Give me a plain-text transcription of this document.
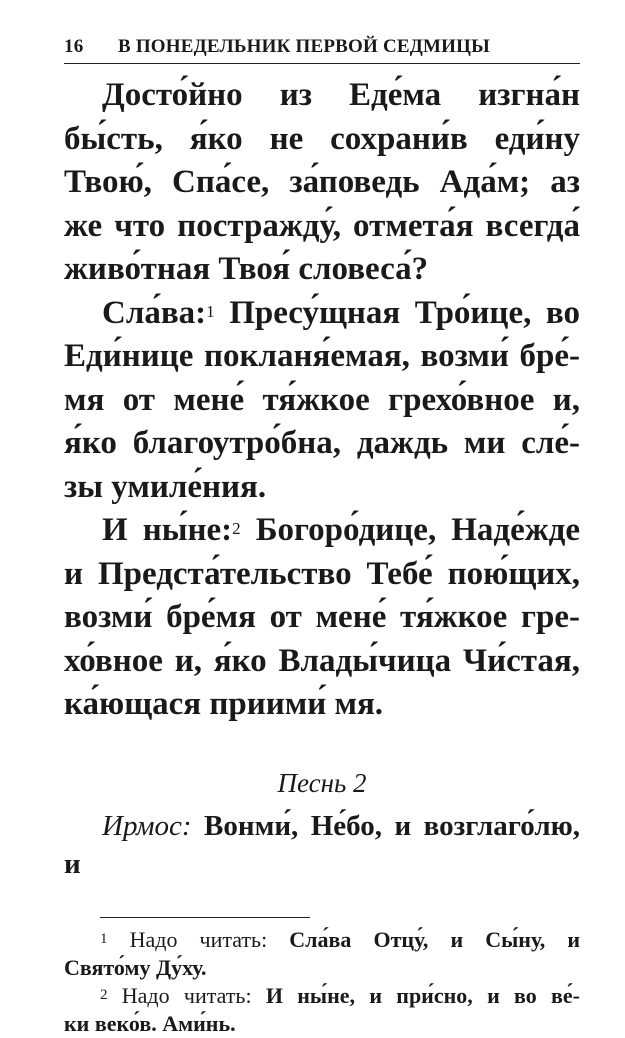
16	В ПОНЕДЕЛЬНИК ПЕРВОЙ СЕДМИЦЫ
Досто́йно из Еде́ма изгна́н
бы́сть, я́ко не сохрани́в еди́ну
Твою́, Спа́се, за́поведь Ада́м; аз
же что постражду́, отмета́я всегда́
живо́тная Твоя́ словеса́?
Сла́ва:$^1$ Пресу́щная Тро́ице, во
Еди́нице покланя́емая, возми́ бре́-
мя от мене́ тя́жкое грехо́вное и,
я́ко благоутро́бна, даждь ми сле́-
зы умиле́ния.
И ны́не:$^2$ Богоро́дице, Наде́жде
и Предста́тельство Тебе́ пою́щих,
возми́ бре́мя от мене́ тя́жкое гре-
хо́вное и, я́ко Влады́чица Чи́стая,
ка́ющася приими́ мя.
Песнь 2
Ирмос: Вонми́, Не́бо, и возглаго́лю, и
$^1$ Надо читать: Сла́ва Отцу́, и Сы́ну, и
Свято́му Ду́ху.
$^2$ Надо читать: И ны́не, и при́сно, и во ве́-
ки веко́в. Ами́нь.
